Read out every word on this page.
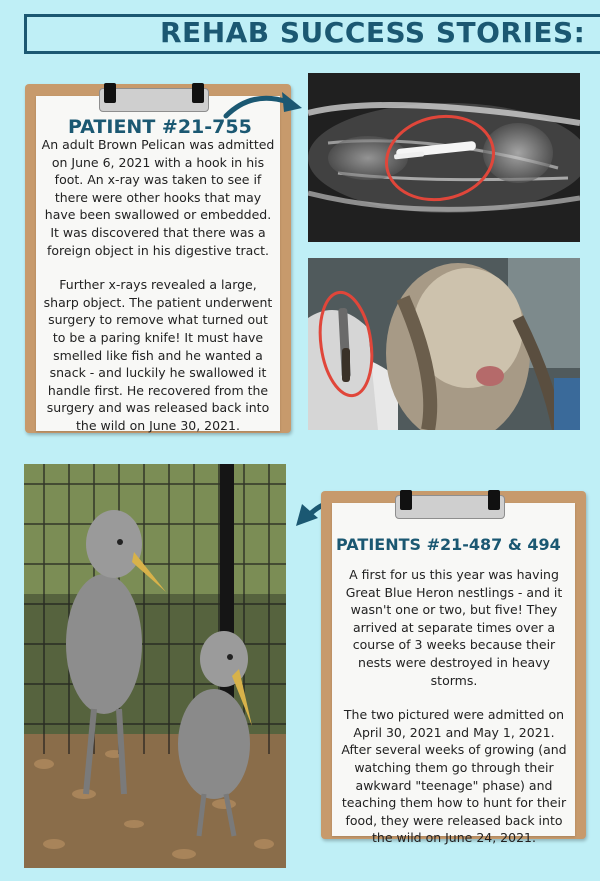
REHAB SUCCESS STORIES:
PATIENT #21-755

An adult Brown Pelican was admitted on June 6, 2021 with a hook in his foot. An x-ray was taken to see if there were other hooks that may have been swallowed or embedded. It was discovered that there was a foreign object in his digestive tract.

Further x-rays revealed a large, sharp object. The patient underwent surgery to remove what turned out to be a paring knife! It must have smelled like fish and he wanted a snack - and luckily he swallowed it handle first. He recovered from the surgery and was released back into the wild on June 30, 2021.

PATIENTS #21-487 & 494

A first for us this year was having Great Blue Heron nestlings - and it wasn't one or two, but five! They arrived at separate times over a course of 3 weeks because their nests were destroyed in heavy storms.

The two pictured were admitted on April 30, 2021 and May 1, 2021. After several weeks of growing (and watching them go through their awkward "teenage" phase) and teaching them how to hunt for their food, they were released back into the wild on June 24, 2021.
